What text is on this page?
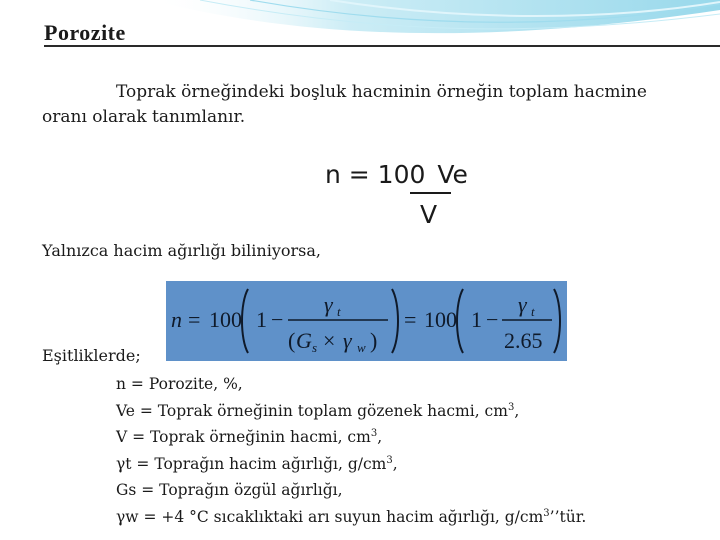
Porozite
Toprak örneğindeki boşluk hacminin örneğin toplam hacmine oranı olarak tanımlanır.
n = 100 Ve
V
Yalnızca hacim ağırlığı biliniyorsa,
n = 100 1 −
γ t
( G s × γ w )
= 100 1 −
γ t
2.65
Eşitliklerde;
n = Porozite, %,
Ve = Toprak örneğinin toplam gözenek hacmi, $cm^3$,
V = Toprak örneğinin hacmi, $cm^3$,
γt = Toprağın hacim ağırlığı, $g/cm^3$,
Gs = Toprağın özgül ağırlığı,
γw = +4 °C sıcaklıktaki arı suyun hacim ağırlığı, $g/cm^3’’tür$.
